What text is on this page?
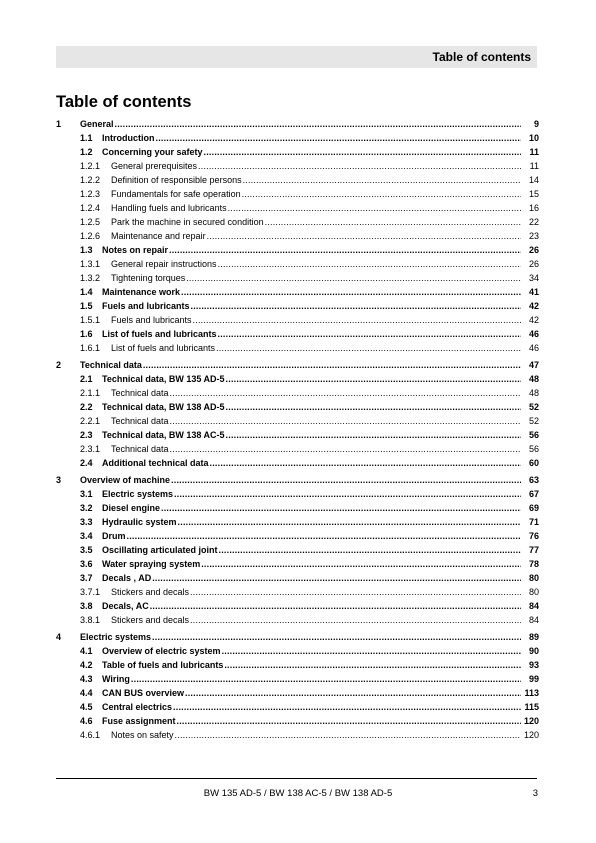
Table of contents
Table of contents
1	General .....	9
1.1	Introduction .....	10
1.2	Concerning your safety .....	11
1.2.1	General prerequisites .....	11
1.2.2	Definition of responsible persons .....	14
1.2.3	Fundamentals for safe operation .....	15
1.2.4	Handling fuels and lubricants .....	16
1.2.5	Park the machine in secured condition .....	22
1.2.6	Maintenance and repair .....	23
1.3	Notes on repair .....	26
1.3.1	General repair instructions .....	26
1.3.2	Tightening torques .....	34
1.4	Maintenance work .....	41
1.5	Fuels and lubricants .....	42
1.5.1	Fuels and lubricants .....	42
1.6	List of fuels and lubricants .....	46
1.6.1	List of fuels and lubricants .....	46
2	Technical data .....	47
2.1	Technical data, BW 135 AD-5 .....	48
2.1.1	Technical data .....	48
2.2	Technical data, BW 138 AD-5 .....	52
2.2.1	Technical data .....	52
2.3	Technical data, BW 138 AC-5 .....	56
2.3.1	Technical data .....	56
2.4	Additional technical data .....	60
3	Overview of machine .....	63
3.1	Electric systems .....	67
3.2	Diesel engine .....	69
3.3	Hydraulic system .....	71
3.4	Drum .....	76
3.5	Oscillating articulated joint .....	77
3.6	Water spraying system .....	78
3.7	Decals , AD .....	80
3.7.1	Stickers and decals .....	80
3.8	Decals, AC .....	84
3.8.1	Stickers and decals .....	84
4	Electric systems .....	89
4.1	Overview of electric system .....	90
4.2	Table of fuels and lubricants .....	93
4.3	Wiring .....	99
4.4	CAN BUS overview .....	113
4.5	Central electrics .....	115
4.6	Fuse assignment .....	120
4.6.1	Notes on safety .....	120
BW 135 AD-5 / BW 138 AC-5 / BW 138 AD-5	3
